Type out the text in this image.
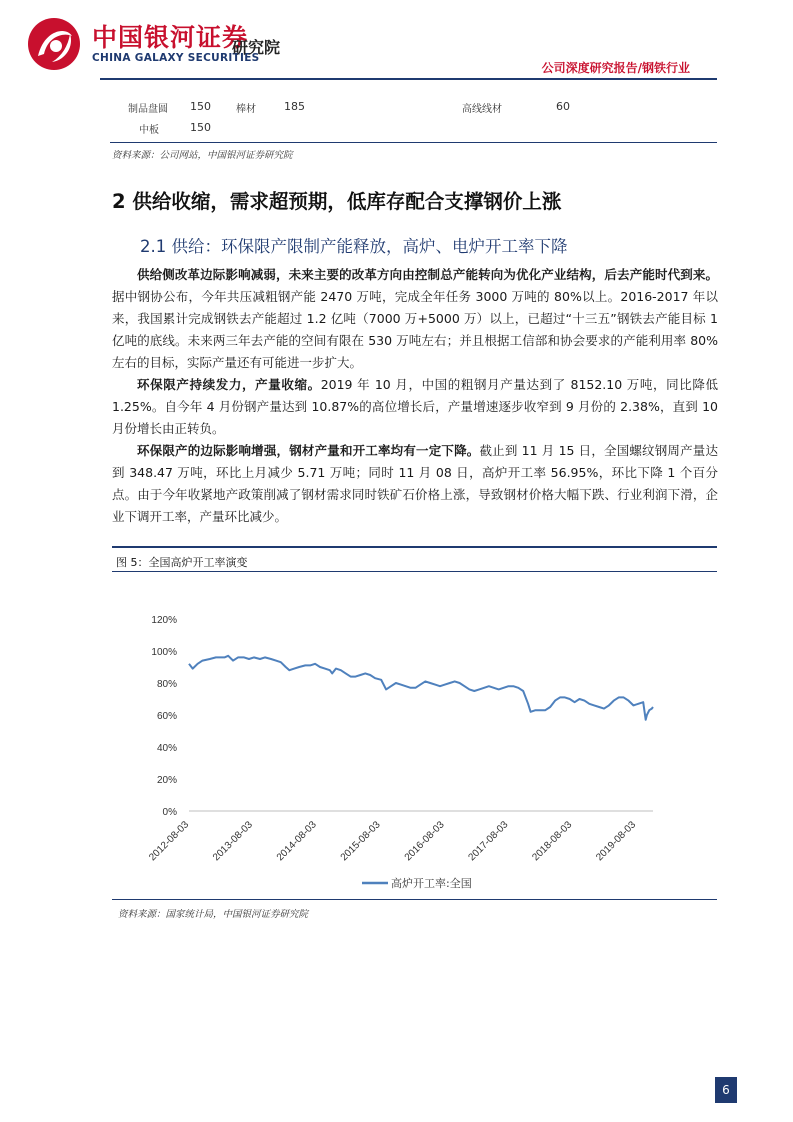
中国银河证券
CHINA GALAXY SECURITIES
研究院
公司深度研究报告/钢铁行业
制品盘圆 150	棒材	185	高线线材	60
中板	150
资料来源：公司网站，中国银河证券研究院
2 供给收缩，需求超预期，低库存配合支撑钢价上涨
2.1 供给：环保限产限制产能释放，高炉、电炉开工率下降

供给侧改革边际影响减弱，未来主要的改革方向由控制总产能转向为优化产业结构，后去产能时代到来。据中钢协公布，今年共压减粗钢产能 2470 万吨，完成全年任务 3000 万吨的 80%以上。2016-2017 年以来，我国累计完成钢铁去产能超过 1.2 亿吨（7000 万+5000 万）以上，已超过“十三五”钢铁去产能目标 1 亿吨的底线。未来两三年去产能的空间有限在 530 万吨左右；并且根据工信部和协会要求的产能利用率 80%左右的目标，实际产量还有可能进一步扩大。

环保限产持续发力，产量收缩。2019 年 10 月，中国的粗钢月产量达到了 8152.10 万吨，同比降低 1.25%。自今年 4 月份钢产量达到 10.87%的高位增长后，产量增速逐步收窄到 9 月份的 2.38%，直到 10 月份增长由正转负。

环保限产的边际影响增强，钢材产量和开工率均有一定下降。截止到 11 月 15 日，全国螺纹钢周产量达到 348.47 万吨，环比上月减少 5.71 万吨；同时 11 月 08 日，高炉开工率 56.95%，环比下降 1 个百分点。由于今年收紧地产政策削减了钢材需求同时铁矿石价格上涨，导致钢材价格大幅下跌、行业利润下滑，企业下调开工率，产量环比减少。

图 5：全国高炉开工率演变
0%
20%
40%
60%
80%
100%
120%
2012-08-03 2013-08-03 2014-08-03 2015-08-03 2016-08-03 2017-08-03 2018-08-03 2019-08-03
高炉开工率:全国
资料来源：国家统计局，中国银河证券研究院
6
